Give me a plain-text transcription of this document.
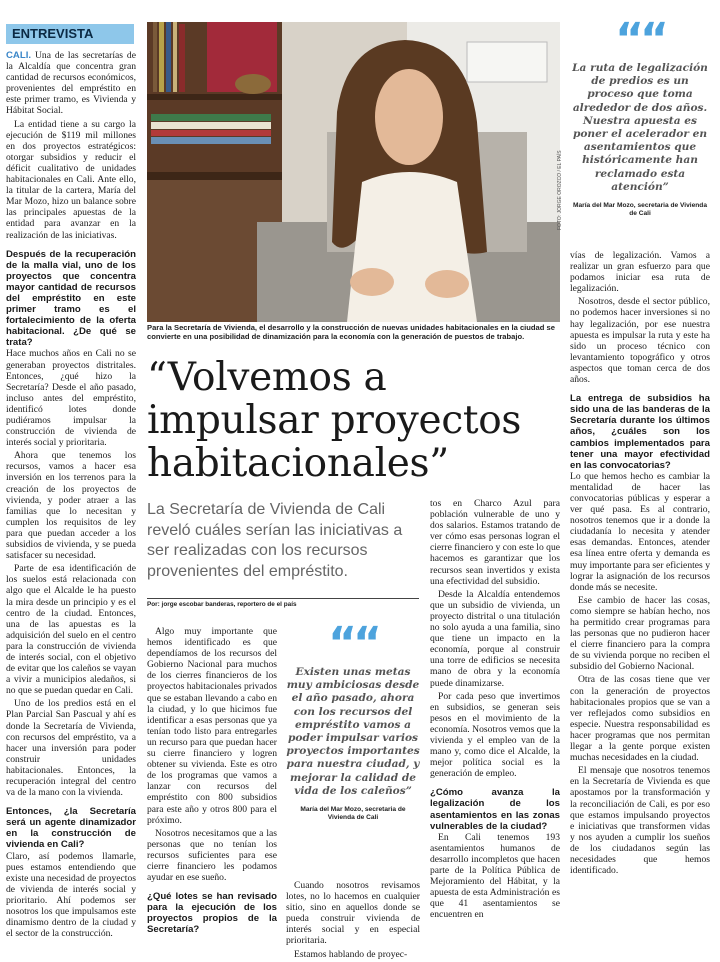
ENTREVISTA

CALI. Una de las secretarías de la Alcaldía que concentra gran cantidad de recursos económicos, provenientes del empréstito en este primer tramo, es Vivienda y Hábitat Social.

La entidad tiene a su cargo la ejecución de $119 mil millones en dos proyectos estratégicos: otorgar subsidios y reducir el déficit cualitativo de unidades habitacionales en Cali. Ante ello, la titular de la cartera, María del Mar Mozo, hizo un balance sobre las principales apuestas de la entidad para avanzar en la realización de las iniciativas.

Después de la recuperación de la malla vial, uno de los proyectos que concentra mayor cantidad de recursos del empréstito en este primer tramo es el fortalecimiento de la oferta habitacional. ¿De qué se trata?

Hace muchos años en Cali no se generaban proyectos distritales. Entonces, ¿qué hizo la Secretaría? Desde el año pasado, incluso antes del empréstito, identificó lotes donde pudiéramos impulsar la construcción de vivienda de interés social y prioritaria.

Ahora que tenemos los recursos, vamos a hacer esa inversión en los terrenos para la creación de los proyectos de vivienda, y poder atraer a las familias que lo necesitan y cumplen los requisitos de ley para que puedan acceder a los subsidios de vivienda, y se pueda satisfacer su necesidad.

Parte de esa identificación de los suelos está relacionada con algo que el Alcalde le ha puesto la mira desde un principio y es el centro de la ciudad. Entonces, una de las apuestas es la adquisición del suelo en el centro para la construcción de vivienda de interés social, con el objetivo de evitar que los caleños se vayan a vivir a municipios aledaños, si no que se puedan quedar en Cali.

Uno de los predios está en el Plan Parcial San Pascual y ahí es donde la Secretaría de Vivienda, con recursos del empréstito, va a hacer una inversión para poder construir unidades habitacionales. Entonces, la recuperación integral del centro va de la mano con la vivienda.

Entonces, ¿la Secretaría será un agente dinamizador en la construcción de vivienda en Cali?

Claro, así podemos llamarle, pues estamos entendiendo que existe una necesidad de proyectos de vivienda de interés social y prioritario. Ahí podemos ser nosotros los que impulsamos este dinamismo dentro de la ciudad y el sector de la construcción.

FOTO: JORGE OROZCO / EL PAÍS
Para la Secretaría de Vivienda, el desarrollo y la construcción de nuevas unidades habitacionales en la ciudad se convierte en una posibilidad de dinamización para la economía con la generación de puestos de trabajo.
“Volvemos a impulsar proyectos habitacionales”
La Secretaría de Vivienda de Cali reveló cuáles serían las iniciativas a ser realizadas con los recursos provenientes del empréstito.
Por: jorge escobar banderas, reportero de el país

Algo muy importante que hemos identificado es que dependíamos de los recursos del Gobierno Nacional para muchos de los cierres financieros de los proyectos habitacionales privados que se estaban llevando a cabo en la ciudad, y lo que hicimos fue identificar a esas personas que ya tenían todo listo para entregarles un recurso para que puedan hacer su cierre financiero y logren obtener su vivienda. Este es otro de los programas que vamos a lanzar con recursos del empréstito con 800 subsidios para este año y otros 800 para el próximo.

Nosotros necesitamos que a las personas que no tenían los recursos suficientes para ese cierre financiero les podamos ayudar en ese sueño.

¿Qué lotes se han revisado para la ejecución de los proyectos propios de la Secretaría?
““
Existen unas metas muy ambiciosas desde el año pasado, ahora con los recursos del empréstito vamos a poder impulsar varios proyectos importantes para nuestra ciudad, y mejorar la calidad de vida de los caleños”
María del Mar Mozo, secretaria de Vivienda de Cali

Cuando nosotros revisamos lotes, no lo hacemos en cualquier sitio, sino en aquellos donde se pueda construir vivienda de interés social y en especial prioritaria.

Estamos hablando de proyec-

tos en Charco Azul para población vulnerable de uno y dos salarios. Estamos tratando de ver cómo esas personas logran el cierre financiero y con este lo que hacemos es garantizar que los recursos sean invertidos y exista una efectividad del subsidio.

Desde la Alcaldía entendemos que un subsidio de vivienda, un proyecto distrital o una titulación no solo ayuda a una familia, sino que tiene un impacto en la economía, porque al construir una torre de edificios se necesita mano de obra y la economía puede dinamizarse.

Por cada peso que invertimos en subsidios, se generan seis pesos en el movimiento de la economía. Nosotros vemos que la vivienda y el empleo van de la mano y, como dice el Alcalde, la mejor política social es la generación de empleo.

¿Cómo avanza la legalización de los asentamientos en las zonas vulnerables de la ciudad?

En Cali tenemos 193 asentamientos humanos de desarrollo incompletos que hacen parte de la Política Pública de Mejoramiento del Hábitat, y la apuesta de esta Administración es que 41 asentamientos se encuentren en

““
La ruta de legalización de predios es un proceso que toma alrededor de dos años. Nuestra apuesta es poner el acelerador en asentamientos que históricamente han reclamado esta atención”
María del Mar Mozo, secretaria de Vivienda de Cali

vías de legalización. Vamos a realizar un gran esfuerzo para que podamos iniciar esa ruta de legalización.

Nosotros, desde el sector público, no podemos hacer inversiones si no hay legalización, por ese nuestra apuesta es impulsar la ruta y este ha sido un proceso técnico con levantamiento topográfico y otros aspectos que toman cerca de dos años.

La entrega de subsidios ha sido una de las banderas de la Secretaría durante los últimos años, ¿cuáles son los cambios implementados para tener una mayor efectividad en las convocatorias?

Lo que hemos hecho es cambiar la mentalidad de hacer las convocatorias públicas y esperar a ver qué pasa. Es al contrario, nosotros tenemos que ir a donde la ciudadanía lo necesita y atender esas demandas. Entonces, atender esa línea entre oferta y demanda es muy importante para ser eficientes y lograr la asignación de los recursos donde más se necesite.

Ese cambio de hacer las cosas, como siempre se habían hecho, nos ha permitido crear programas para las personas que no pudieron hacer el cierre financiero para la compra de su vivienda porque no reciben el subsidio del Gobierno Nacional.

Otra de las cosas tiene que ver con la generación de proyectos habitacionales propios que se van a ver reflejados como subsidios en especie. Nuestra responsabilidad es hacer programas que nos permitan llegar a la gente porque existen muchas necesidades en la ciudad.

El mensaje que nosotros tenemos en la Secretaría de Vivienda es que apostamos por la transformación y la reconciliación de Cali, es por eso que estamos impulsando proyectos e iniciativas que transformen vidas y nos ayuden a cumplir los sueños de los ciudadanos según las necesidades que hemos identificado.
